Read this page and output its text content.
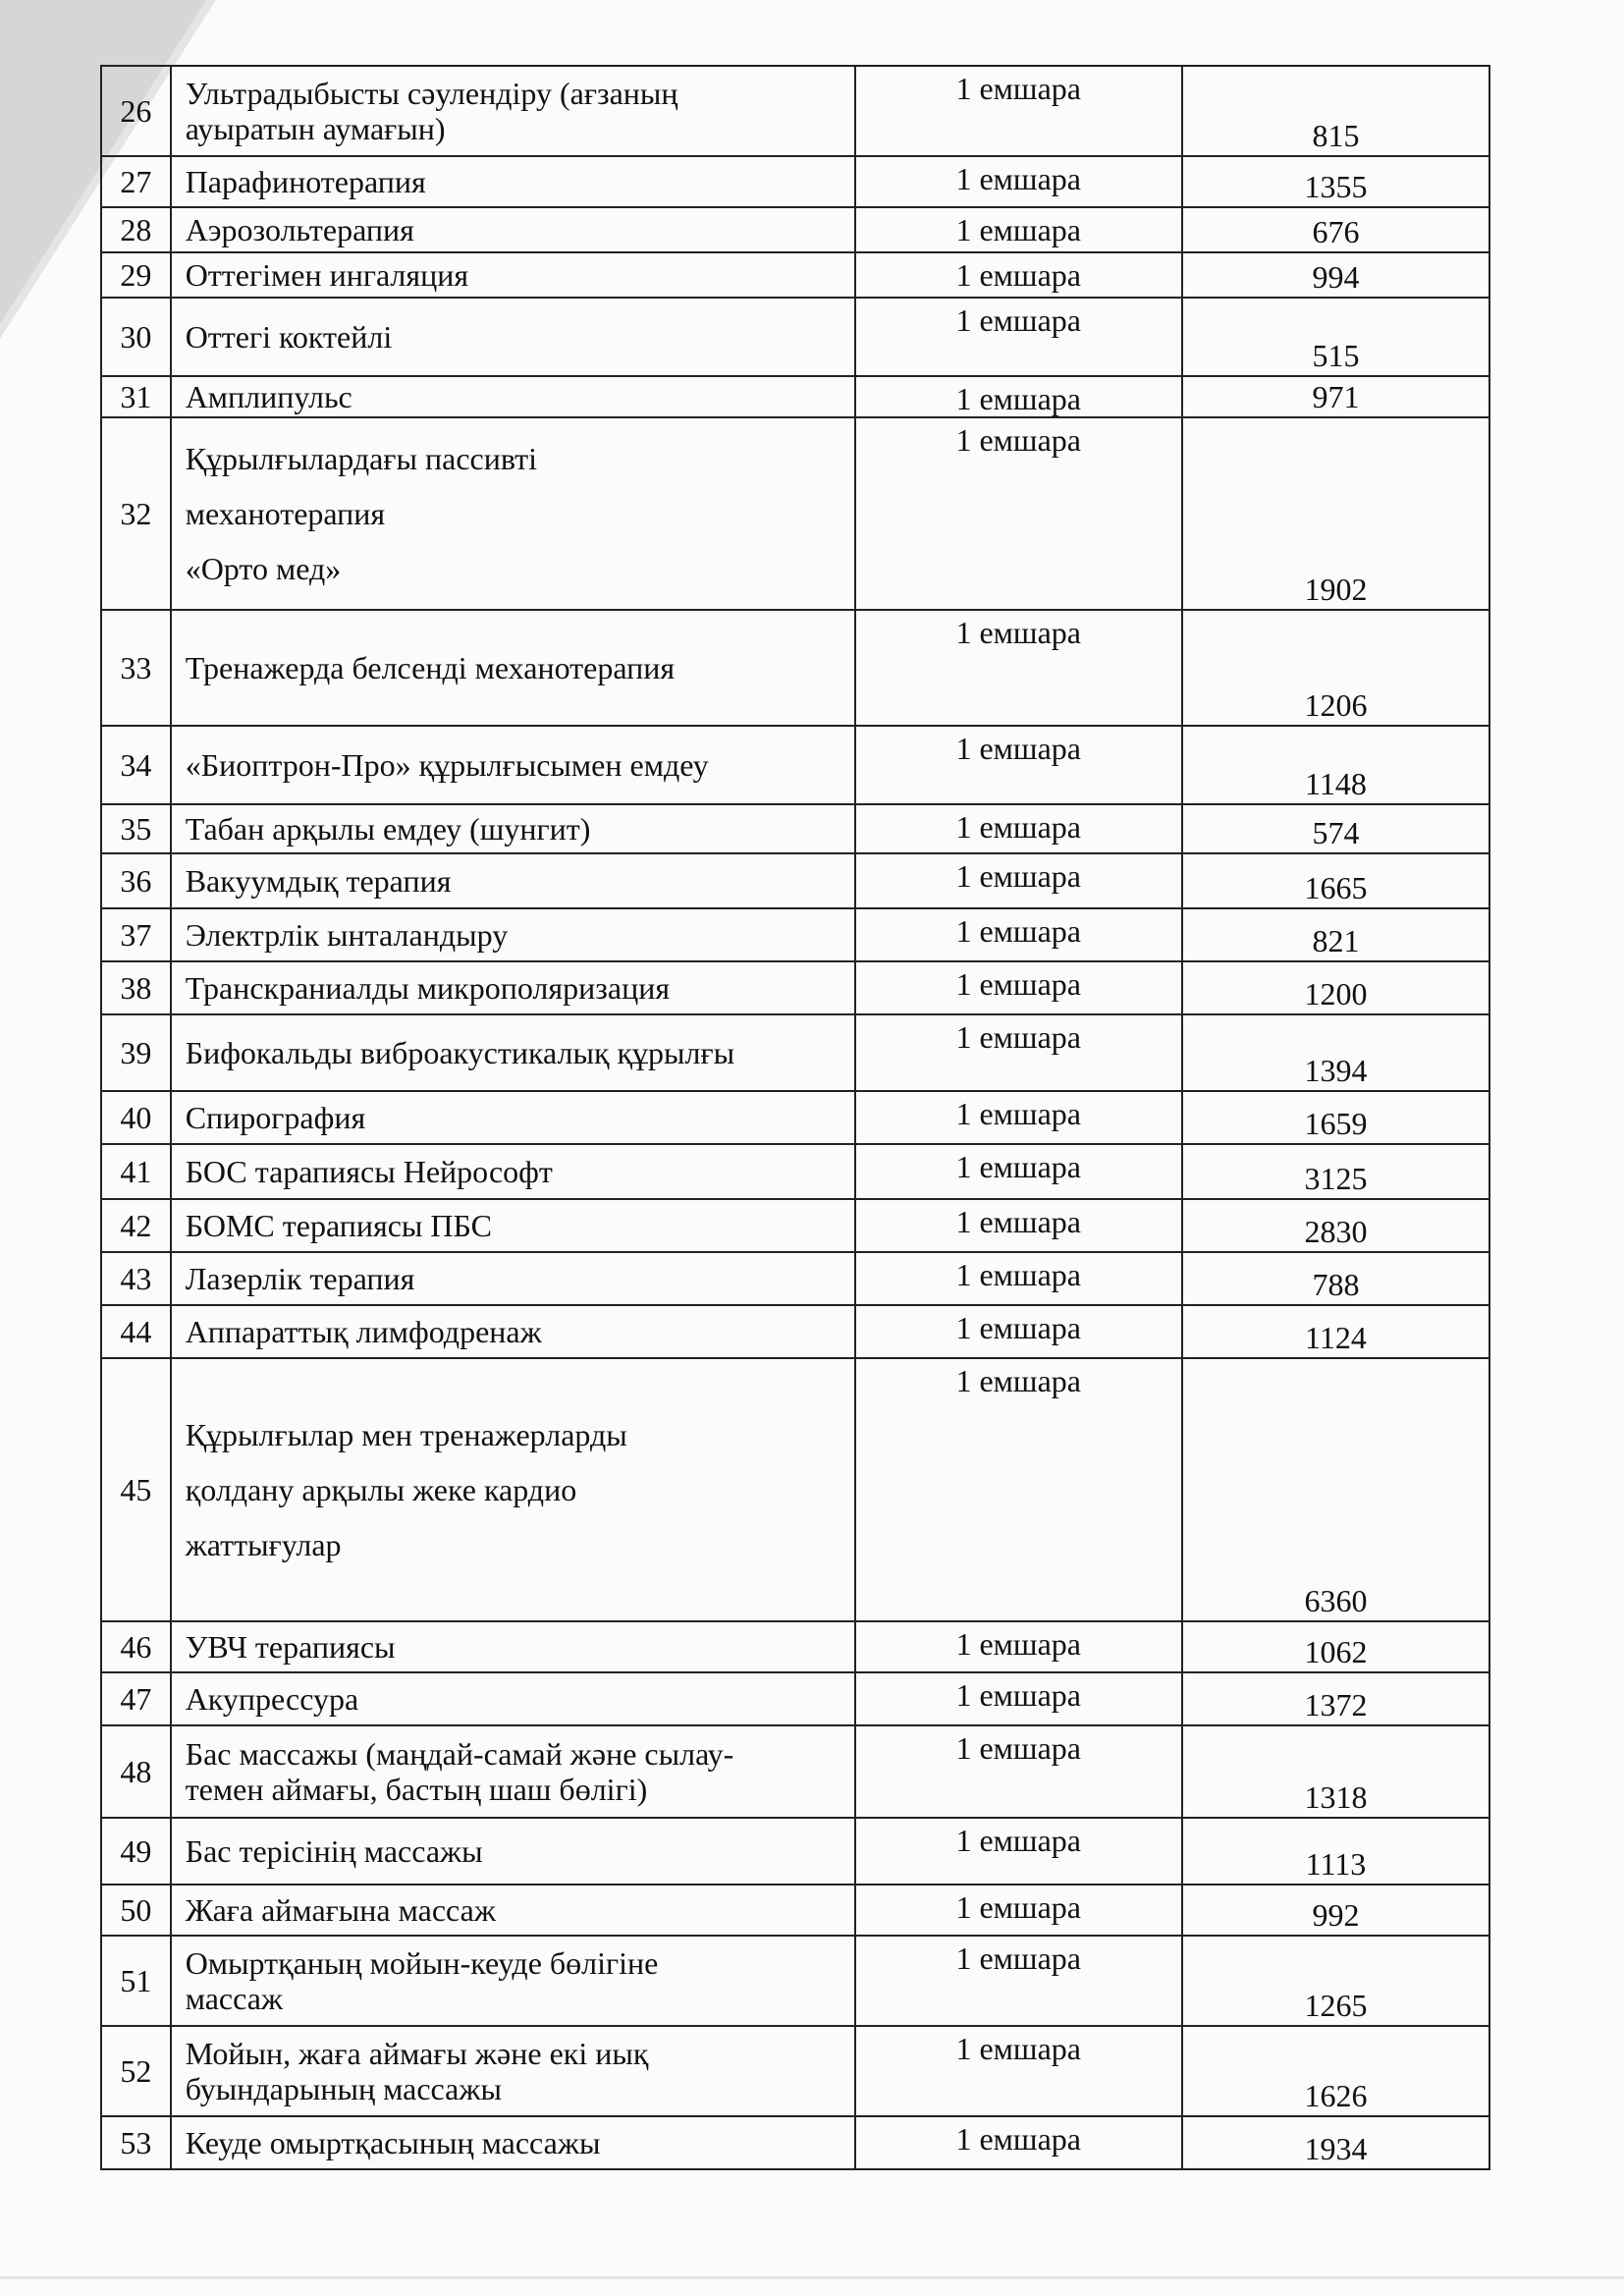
26	Ультрадыбысты сәулендіру (ағзаның
ауыратын аумағын)	1 емшара	815
27	Парафинотерапия	1 емшара	1355
28	Аэрозольтерапия	1 емшара	676
29	Оттегімен ингаляция	1 емшара	994
30	Оттегі коктейлі	1 емшара	515
31	Амплипульс	1 емшара	971
32	Құрылғылардағы пассивті
механотерапия
«Орто мед»	1 емшара	1902
33	Тренажерда белсенді механотерапия	1 емшара	1206
34	«Биоптрон-Про» құрылғысымен емдеу	1 емшара	1148
35	Табан арқылы емдеу (шунгит)	1 емшара	574
36	Вакуумдық терапия	1 емшара	1665
37	Электрлік ынталандыру	1 емшара	821
38	Транскраниалды микрополяризация	1 емшара	1200
39	Бифокальды виброакустикалық құрылғы	1 емшара	1394
40	Спирография	1 емшара	1659
41	БОС тарапиясы Нейрософт	1 емшара	3125
42	БОМС терапиясы ПБС	1 емшара	2830
43	Лазерлік терапия	1 емшара	788
44	Аппараттық лимфодренаж	1 емшара	1124
45	Құрылғылар мен тренажерларды
қолдану арқылы жеке кардио
жаттығулар	1 емшара	6360
46	УВЧ терапиясы	1 емшара	1062
47	Акупрессура	1 емшара	1372
48	Бас массажы (маңдай-самай және сылау-
темен аймағы, бастың шаш бөлігі)	1 емшара	1318
49	Бас терісінің массажы	1 емшара	1113
50	Жаға аймағына массаж	1 емшара	992
51	Омыртқаның мойын-кеуде бөлігіне
массаж	1 емшара	1265
52	Мойын, жаға аймағы және екі иық
буындарының массажы	1 емшара	1626
53	Кеуде омыртқасының массажы	1 емшара	1934
